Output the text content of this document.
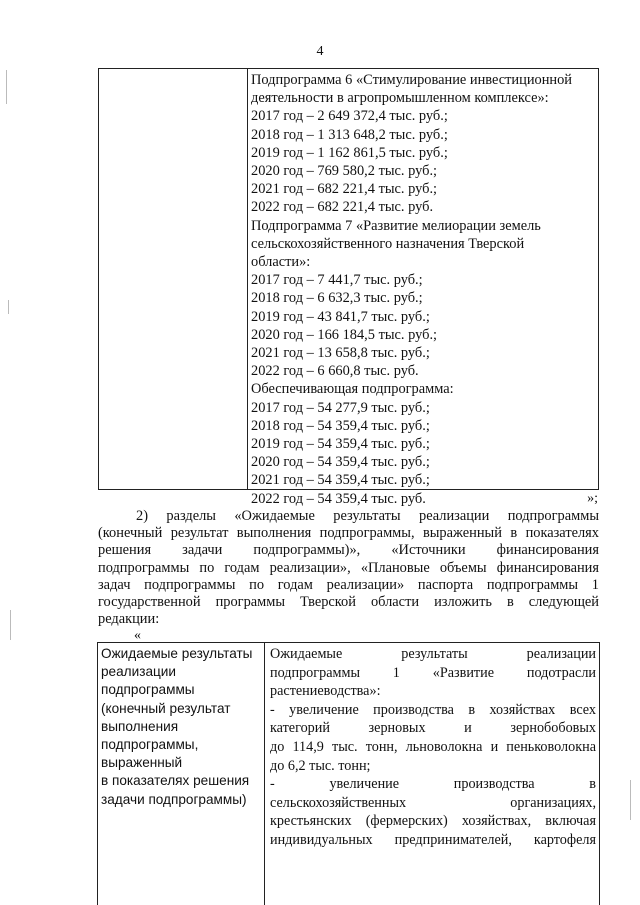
4
Подпрограмма 6 «Стимулирование инвестиционной
деятельности в агропромышленном комплексе»:
2017 год – 2 649 372,4 тыс. руб.;
2018 год – 1 313 648,2 тыс. руб.;
2019 год – 1 162 861,5 тыс. руб.;
2020 год – 769 580,2 тыс. руб.;
2021 год – 682 221,4 тыс. руб.;
2022 год – 682 221,4 тыс. руб.
Подпрограмма 7 «Развитие мелиорации земель
сельскохозяйственного назначения Тверской
области»:
2017 год – 7 441,7 тыс. руб.;
2018 год – 6 632,3 тыс. руб.;
2019 год – 43 841,7 тыс. руб.;
2020 год – 166 184,5 тыс. руб.;
2021 год – 13 658,8 тыс. руб.;
2022 год – 6 660,8 тыс. руб.
Обеспечивающая подпрограмма:
2017 год – 54 277,9 тыс. руб.;
2018 год – 54 359,4 тыс. руб.;
2019 год – 54 359,4 тыс. руб.;
2020 год – 54 359,4 тыс. руб.;
2021 год – 54 359,4 тыс. руб.;
2022 год – 54 359,4 тыс. руб.	»;
2) разделы «Ожидаемые результаты реализации подпрограммы
(конечный результат выполнения подпрограммы, выраженный в показателях
решения задачи подпрограммы)», «Источники финансирования
подпрограммы по годам реализации», «Плановые объемы финансирования
задач подпрограммы по годам реализации» паспорта подпрограммы 1
государственной программы Тверской области изложить в следующей
редакции:
«
Ожидаемые результаты
реализации
подпрограммы
(конечный результат
выполнения
подпрограммы,
выраженный
в показателях решения
задачи подпрограммы)
Ожидаемые результаты реализации
подпрограммы 1 «Развитие подотрасли
растениеводства»:
- увеличение производства в хозяйствах всех
категорий зерновых и зернобобовых
до 114,9 тыс. тонн, льноволокна и пеньковолокна
до 6,2 тыс. тонн;
- увеличение производства в
сельскохозяйственных организациях,
крестьянских (фермерских) хозяйствах, включая
индивидуальных предпринимателей, картофеля
